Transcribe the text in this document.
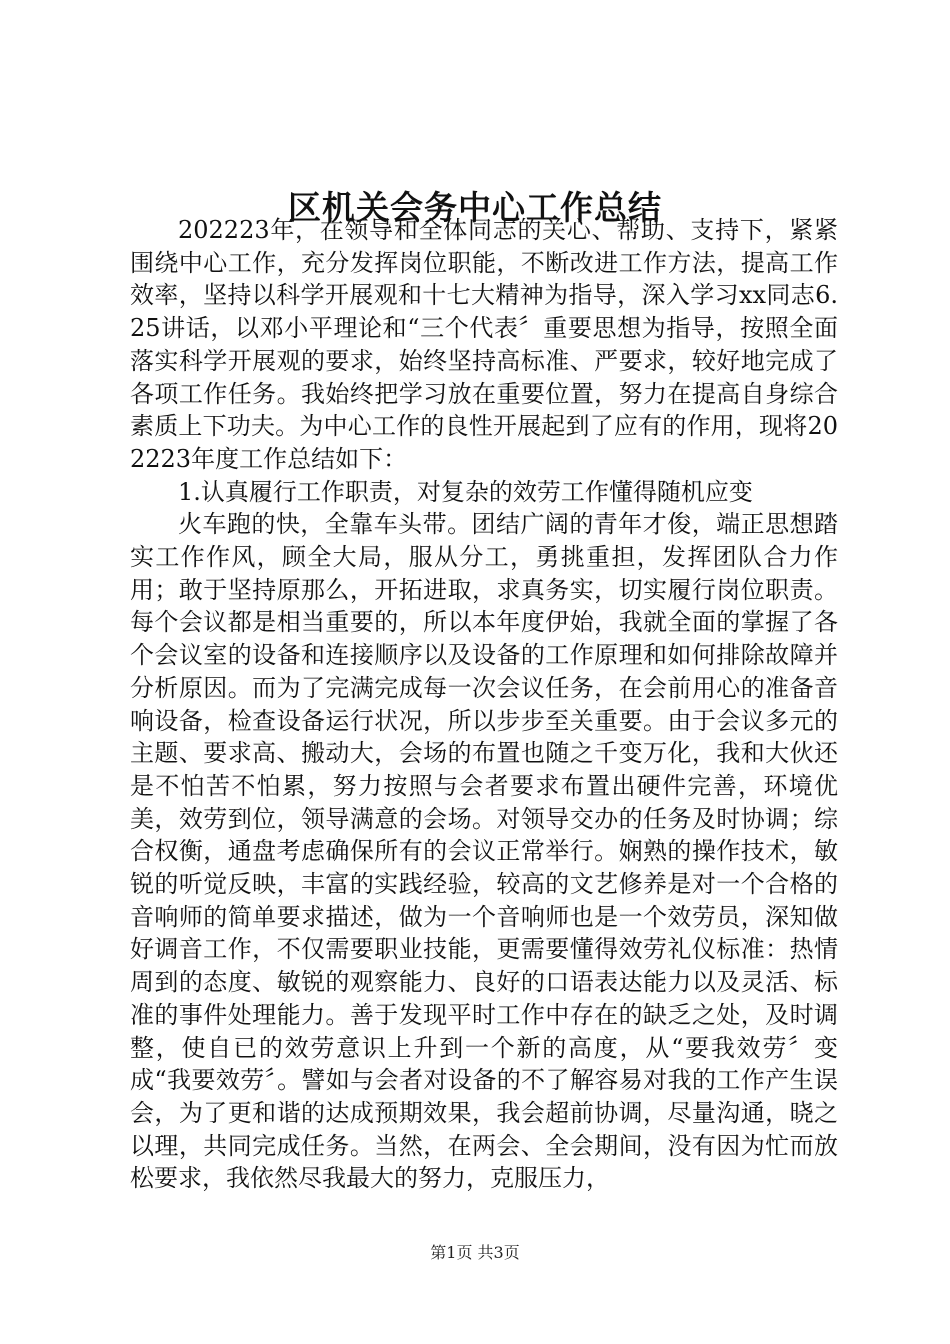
区机关会务中心工作总结

202223年，在领导和全体同志的关心、帮助、支持下，紧紧围绕中心工作，充分发挥岗位职能，不断改进工作方法，提高工作效率，坚持以科学开展观和十七大精神为指导，深入学习xx同志6.25讲话，以邓小平理论和“三个代表〞重要思想为指导，按照全面落实科学开展观的要求，始终坚持高标准、严要求，较好地完成了各项工作任务。我始终把学习放在重要位置，努力在提高自身综合素质上下功夫。为中心工作的良性开展起到了应有的作用，现将202223年度工作总结如下：

1.认真履行工作职责，对复杂的效劳工作懂得随机应变

火车跑的快，全靠车头带。团结广阔的青年才俊，端正思想踏实工作作风，顾全大局，服从分工，勇挑重担，发挥团队合力作用；敢于坚持原那么，开拓进取，求真务实，切实履行岗位职责。每个会议都是相当重要的，所以本年度伊始，我就全面的掌握了各个会议室的设备和连接顺序以及设备的工作原理和如何排除故障并分析原因。而为了完满完成每一次会议任务，在会前用心的准备音响设备，检查设备运行状况，所以步步至关重要。由于会议多元的主题、要求高、搬动大，会场的布置也随之千变万化，我和大伙还是不怕苦不怕累，努力按照与会者要求布置出硬件完善，环境优美，效劳到位，领导满意的会场。对领导交办的任务及时协调；综合权衡，通盘考虑确保所有的会议正常举行。娴熟的操作技术，敏锐的听觉反映，丰富的实践经验，较高的文艺修养是对一个合格的音响师的简单要求描述，做为一个音响师也是一个效劳员，深知做好调音工作，不仅需要职业技能，更需要懂得效劳礼仪标准：热情周到的态度、敏锐的观察能力、良好的口语表达能力以及灵活、标准的事件处理能力。善于发现平时工作中存在的缺乏之处，及时调整，使自已的效劳意识上升到一个新的高度，从“要我效劳〞变成“我要效劳〞。譬如与会者对设备的不了解容易对我的工作产生误会，为了更和谐的达成预期效果，我会超前协调，尽量沟通，晓之以理，共同完成任务。当然，在两会、全会期间，没有因为忙而放松要求，我依然尽我最大的努力，克服压力，

第1页 共3页
